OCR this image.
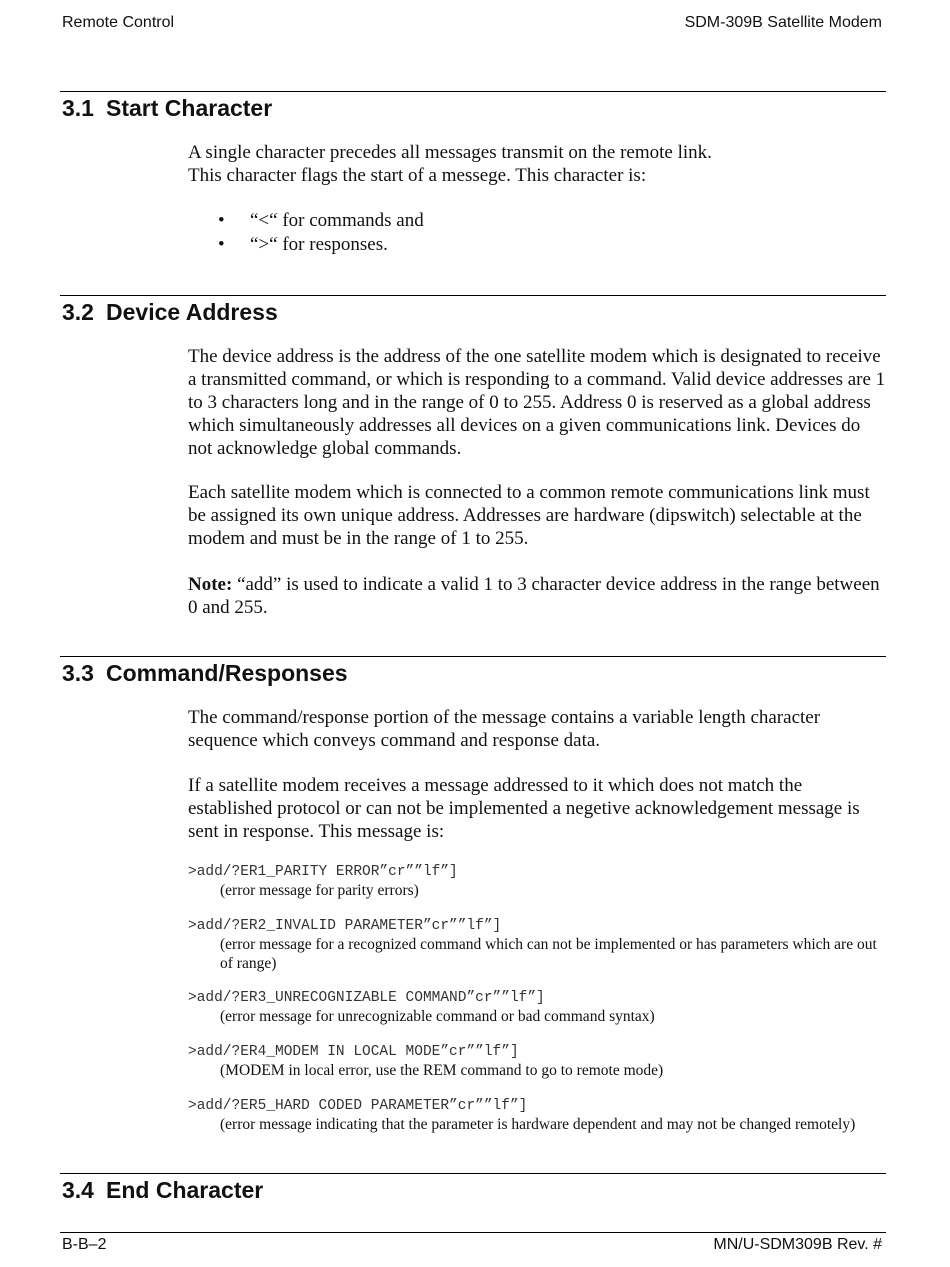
Remote Control	SDM-309B Satellite Modem
3.1 Start Character

A single character precedes all messages transmit on the remote link.

This character flags the start of a messege. This character is:

• “<“ for commands and
• “>“ for responses.
3.2 Device Address

The device address is the address of the one satellite modem which is designated to receive a transmitted command, or which is responding to a command. Valid device addresses are 1 to 3 characters long and in the range of 0 to 255. Address 0 is reserved as a global address which simultaneously addresses all devices on a given communications link. Devices do not acknowledge global commands.

Each satellite modem which is connected to a common remote communications link must be assigned its own unique address. Addresses are hardware (dipswitch) selectable at the modem and must be in the range of 1 to 255.

Note: “add” is used to indicate a valid 1 to 3 character device address in the range between 0 and 255.

3.3 Command/Responses

The command/response portion of the message contains a variable length character sequence which conveys command and response data.

If a satellite modem receives a message addressed to it which does not match the established protocol or can not be implemented a negetive acknowledgement message is sent in response. This message is:

>add/?ER1_PARITY ERROR”cr””lf”]
(error message for parity errors)
>add/?ER2_INVALID PARAMETER”cr””lf”]
(error message for a recognized command which can not be implemented or has parameters which are out of range)
>add/?ER3_UNRECOGNIZABLE COMMAND”cr””lf”]
(error message for unrecognizable command or bad command syntax)
>add/?ER4_MODEM IN LOCAL MODE”cr””lf”]
(MODEM in local error, use the REM command to go to remote mode)
>add/?ER5_HARD CODED PARAMETER”cr””lf”]
(error message indicating that the parameter is hardware dependent and may not be changed remotely)
3.4 End Character
B-B–2	MN/U-SDM309B Rev. #
